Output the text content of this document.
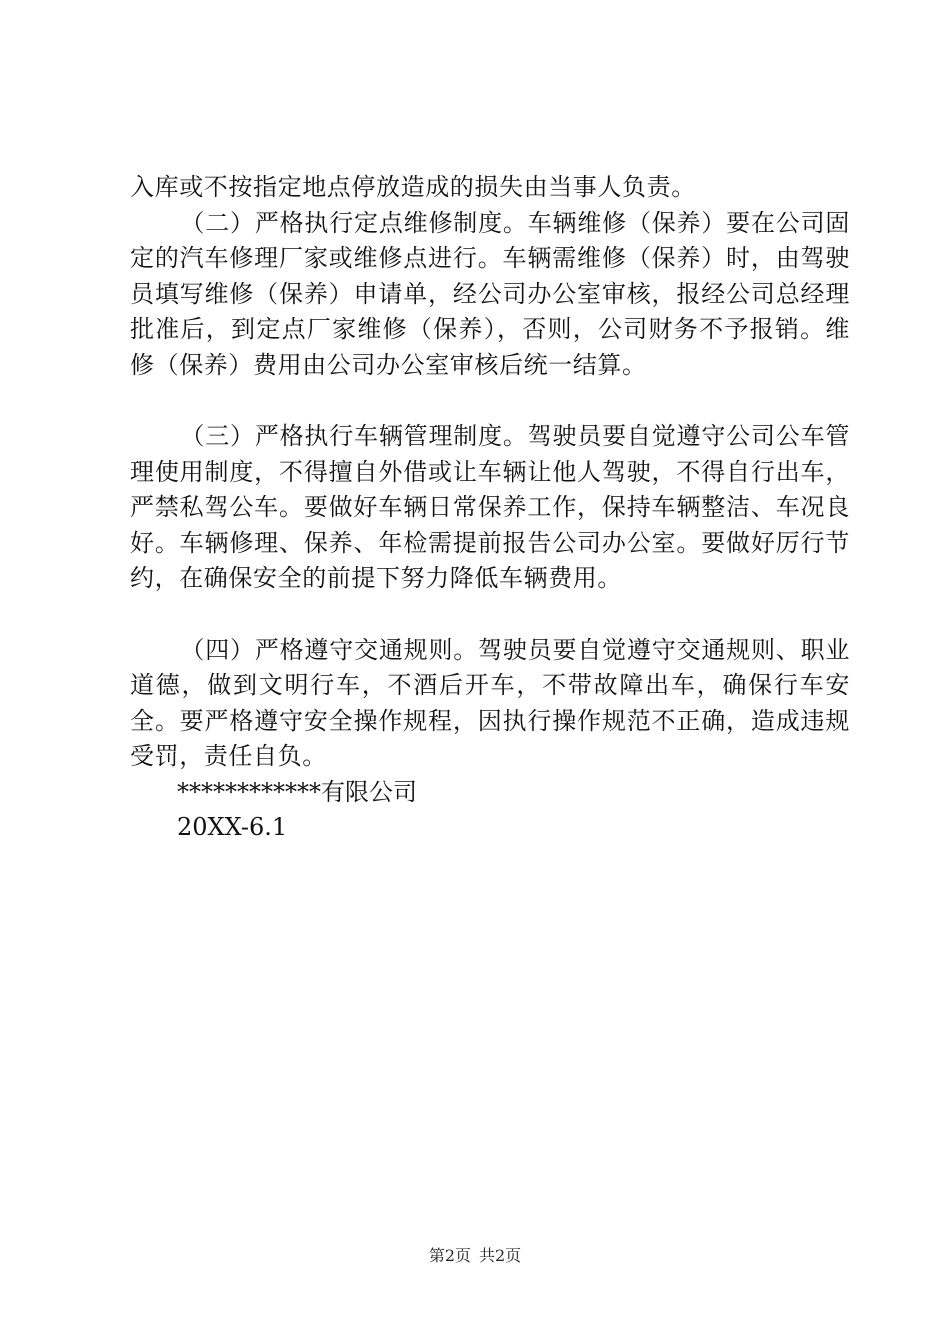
入库或不按指定地点停放造成的损失由当事人负责。

（二）严格执行定点维修制度。车辆维修（保养）要在公司固定的汽车修理厂家或维修点进行。车辆需维修（保养）时，由驾驶员填写维修（保养）申请单，经公司办公室审核，报经公司总经理批准后，到定点厂家维修（保养），否则，公司财务不予报销。维修（保养）费用由公司办公室审核后统一结算。

（三）严格执行车辆管理制度。驾驶员要自觉遵守公司公车管理使用制度，不得擅自外借或让车辆让他人驾驶，不得自行出车，严禁私驾公车。要做好车辆日常保养工作，保持车辆整洁、车况良好。车辆修理、保养、年检需提前报告公司办公室。要做好厉行节约，在确保安全的前提下努力降低车辆费用。

（四）严格遵守交通规则。驾驶员要自觉遵守交通规则、职业道德，做到文明行车，不酒后开车，不带故障出车，确保行车安全。要严格遵守安全操作规程，因执行操作规范不正确，造成违规受罚，责任自负。

************有限公司

20XX-6.1

第2页 共2页
